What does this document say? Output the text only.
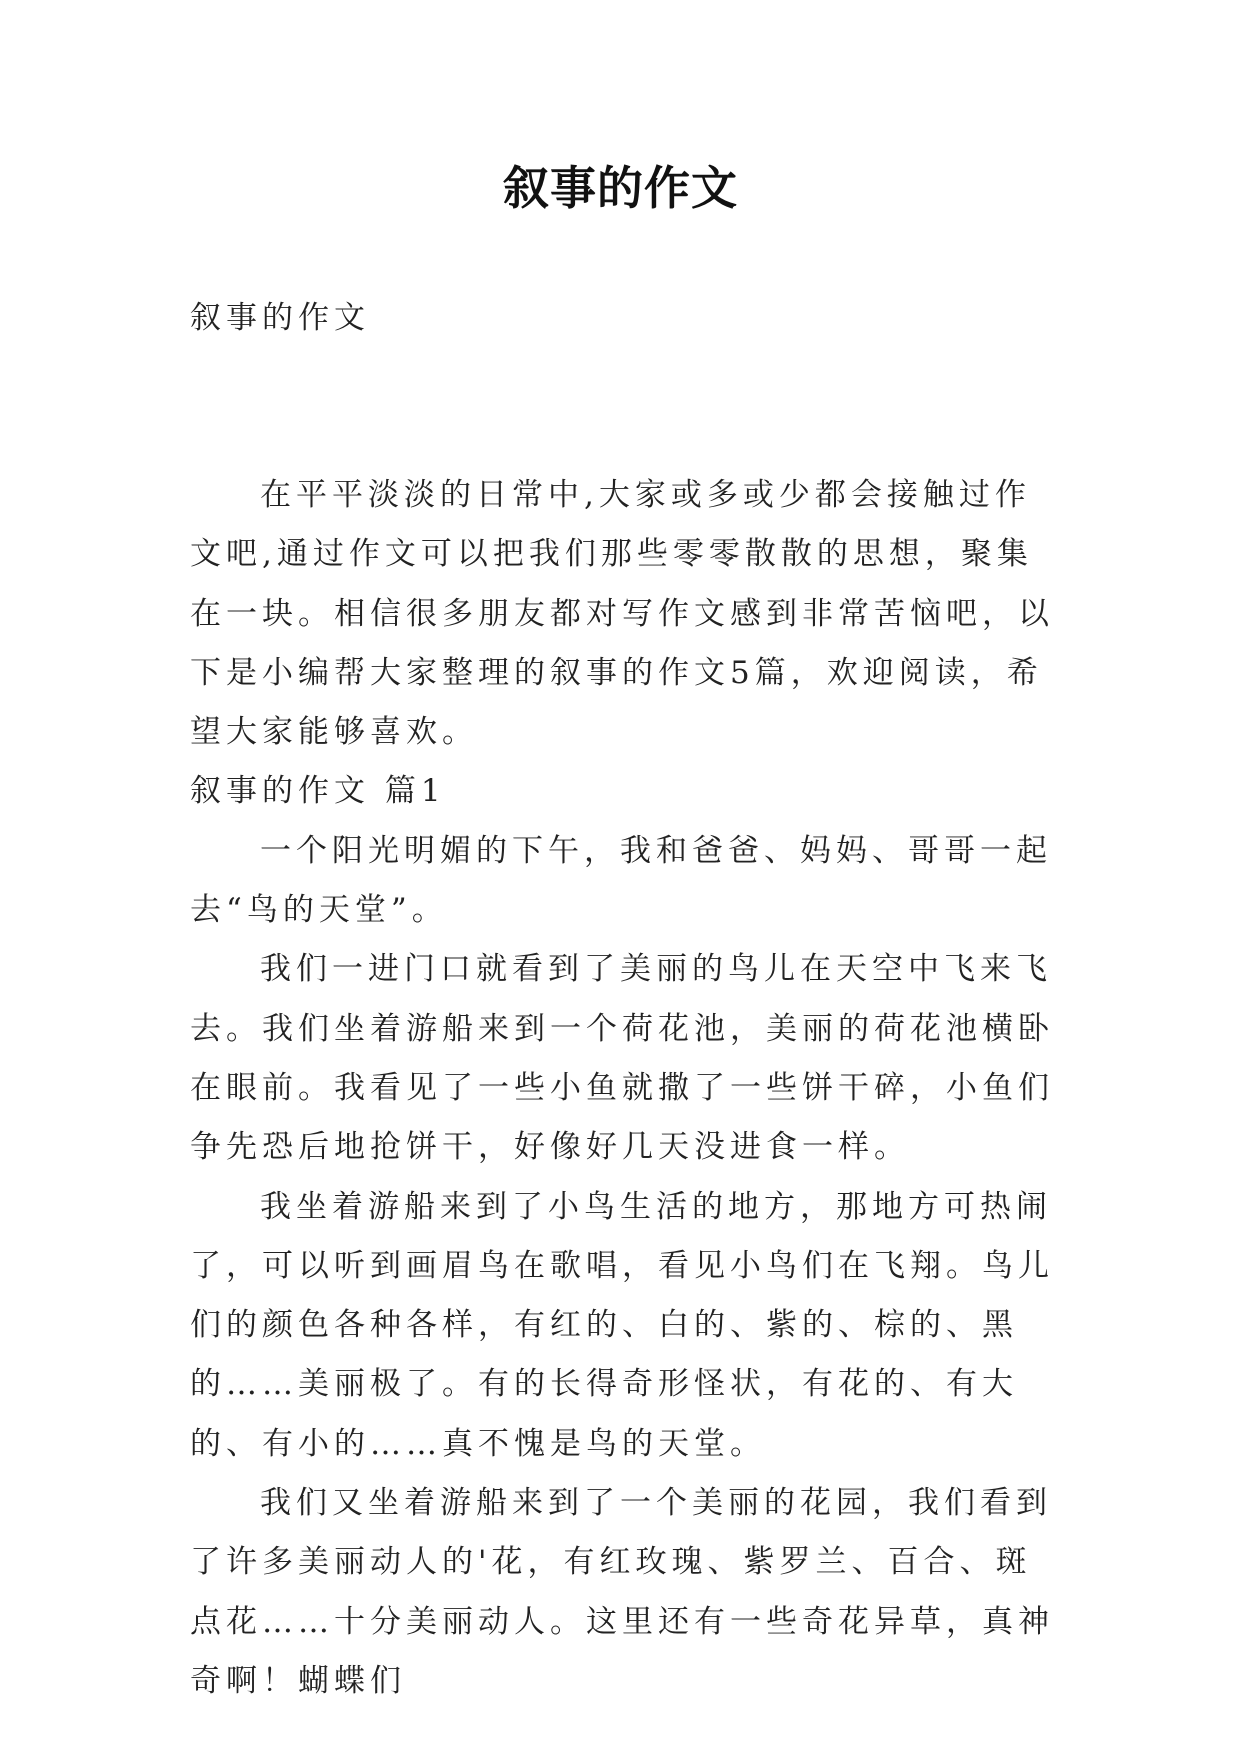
叙事的作文
叙事的作文

在平平淡淡的日常中,大家或多或少都会接触过作文吧,通过作文可以把我们那些零零散散的思想，聚集在一块。相信很多朋友都对写作文感到非常苦恼吧，以下是小编帮大家整理的叙事的作文5篇，欢迎阅读，希望大家能够喜欢。

叙事的作文 篇1

一个阳光明媚的下午，我和爸爸、妈妈、哥哥一起去“鸟的天堂”。

我们一进门口就看到了美丽的鸟儿在天空中飞来飞去。我们坐着游船来到一个荷花池，美丽的荷花池横卧在眼前。我看见了一些小鱼就撒了一些饼干碎，小鱼们争先恐后地抢饼干，好像好几天没进食一样。

我坐着游船来到了小鸟生活的地方，那地方可热闹了，可以听到画眉鸟在歌唱，看见小鸟们在飞翔。鸟儿们的颜色各种各样，有红的、白的、紫的、棕的、黑的……美丽极了。有的长得奇形怪状，有花的、有大的、有小的……真不愧是鸟的天堂。

我们又坐着游船来到了一个美丽的花园，我们看到了许多美丽动人的'花，有红玫瑰、紫罗兰、百合、斑点花……十分美丽动人。这里还有一些奇花异草，真神奇啊！蝴蝶们
